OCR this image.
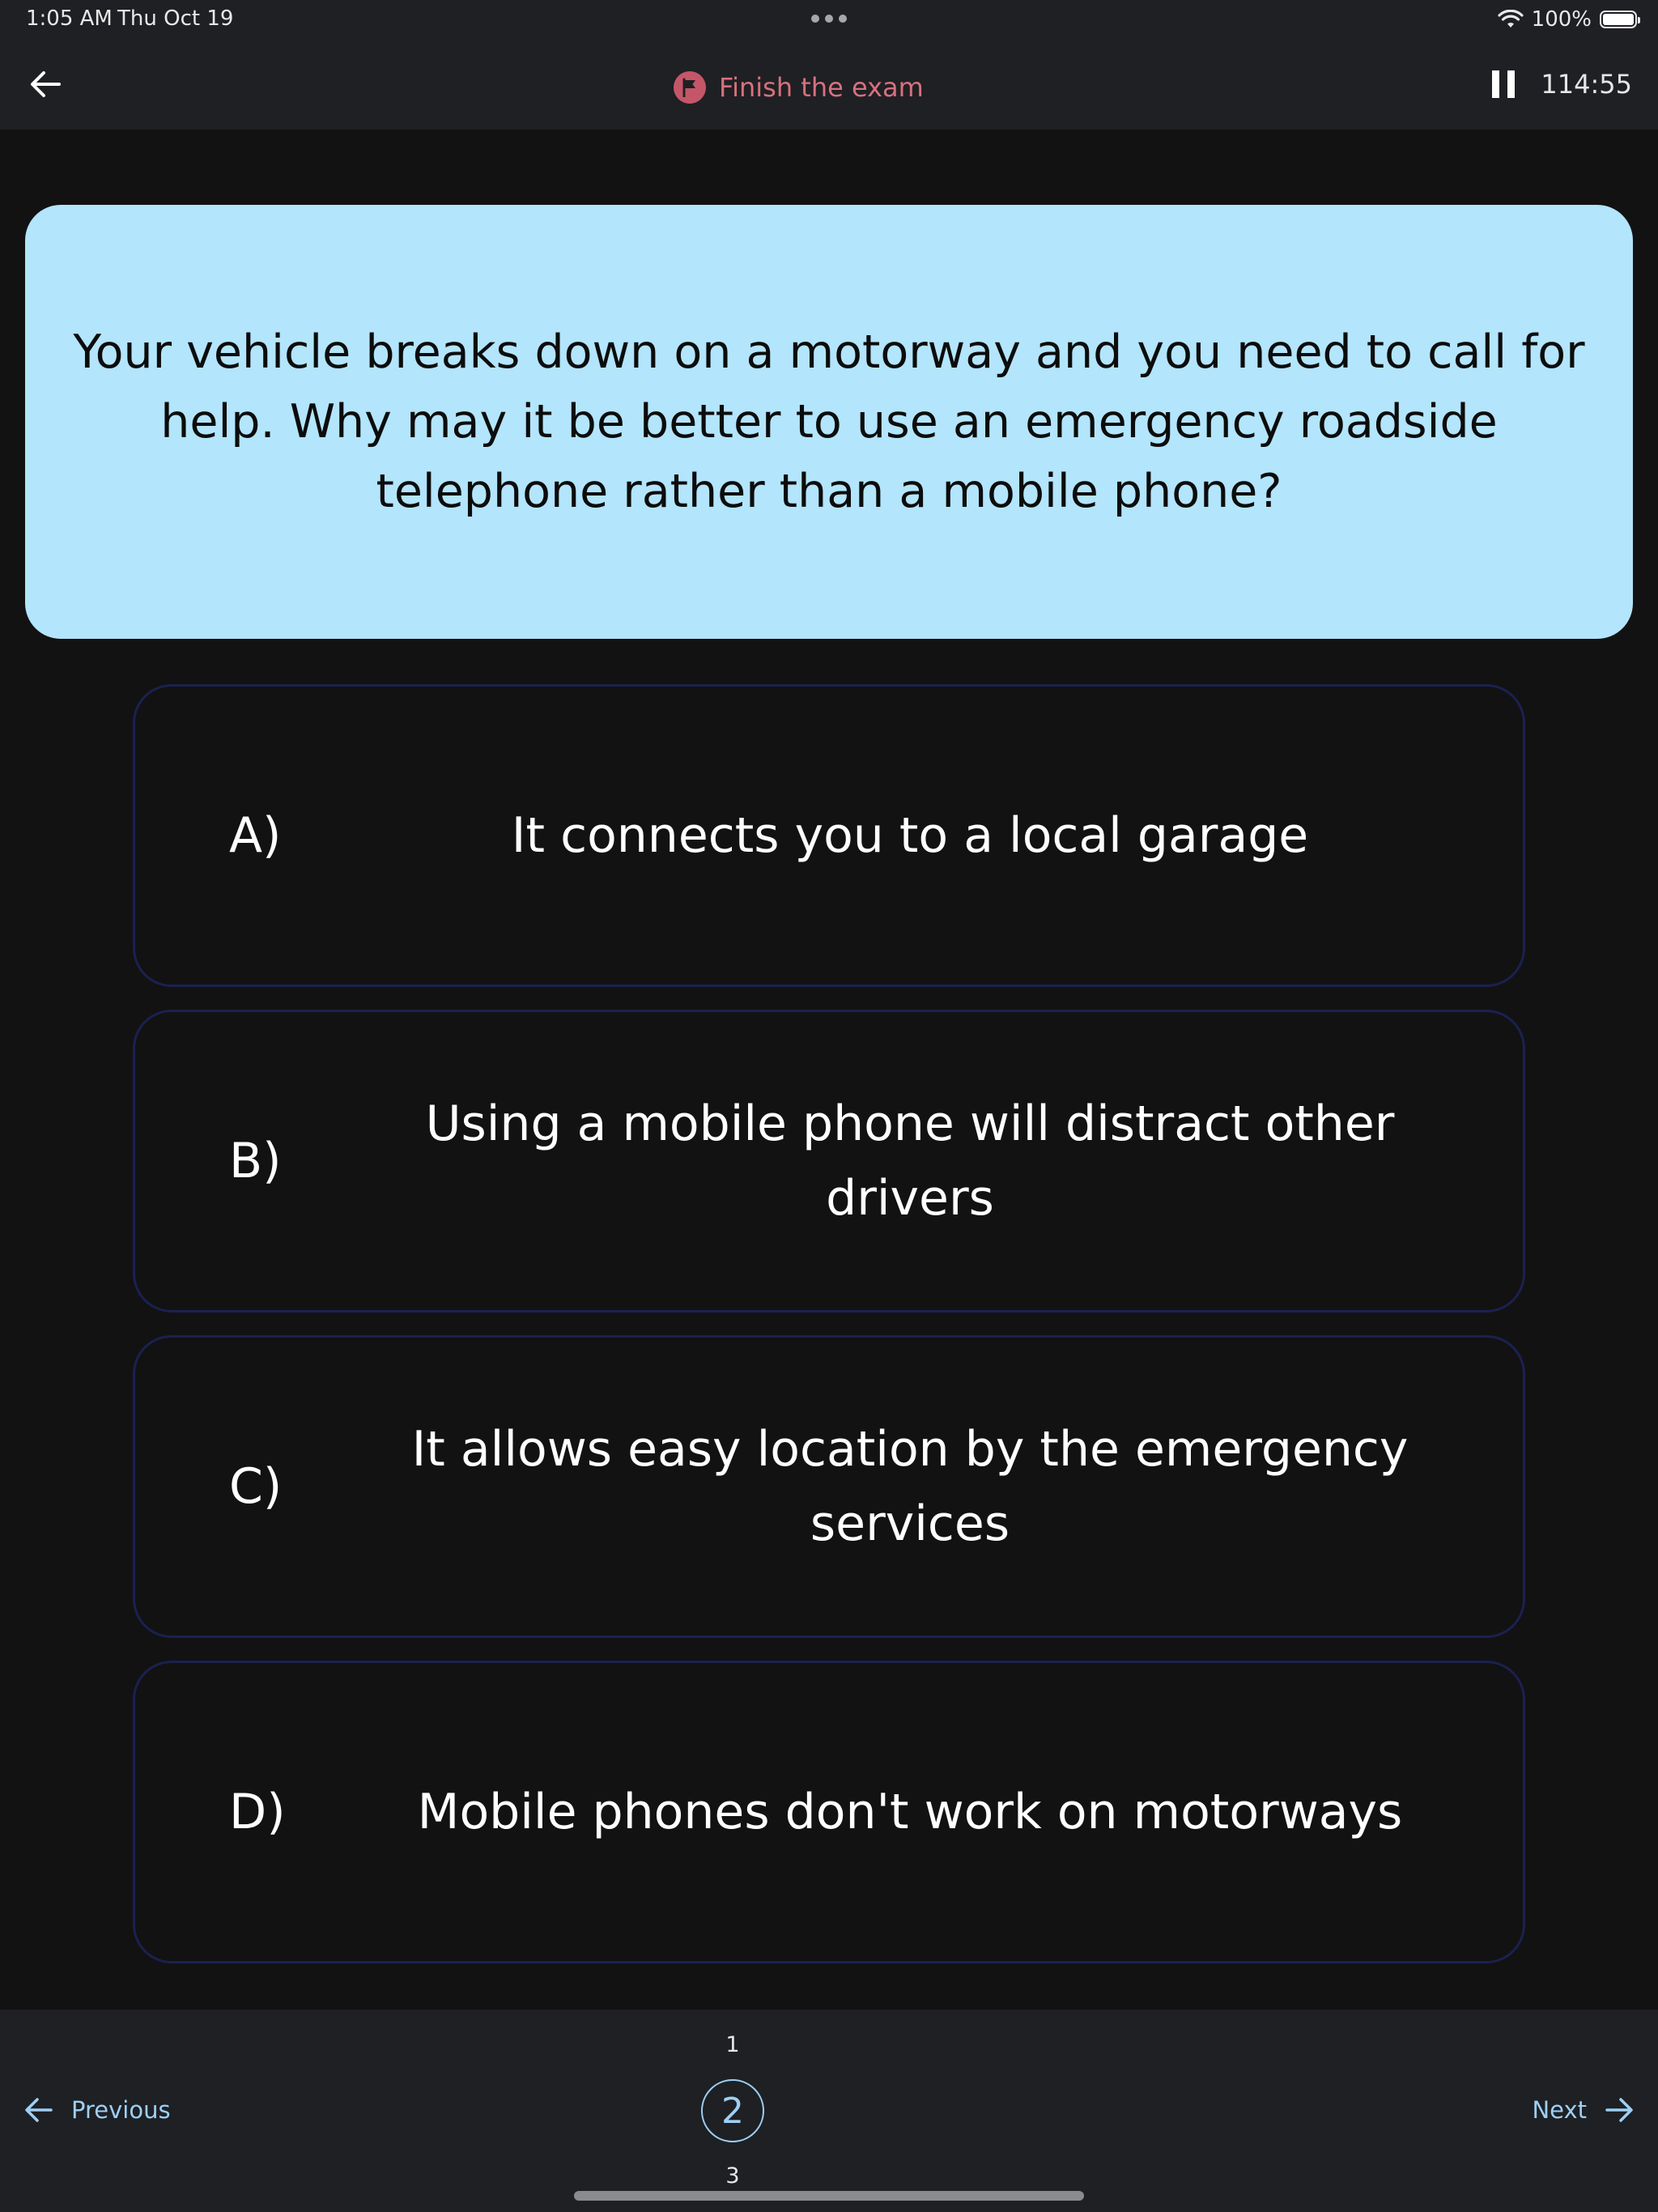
1:05 AM Thu Oct 19	100%
Finish the exam	114:55
Your vehicle breaks down on a motorway and you need to call for help. Why may it be better to use an emergency roadside telephone rather than a mobile phone?
A)	It connects you to a local garage
B)
Using a mobile phone will distract other drivers
C)
It allows easy location by the emergency services
D)	Mobile phones don't work on motorways
Previous
1
2
3
Next
